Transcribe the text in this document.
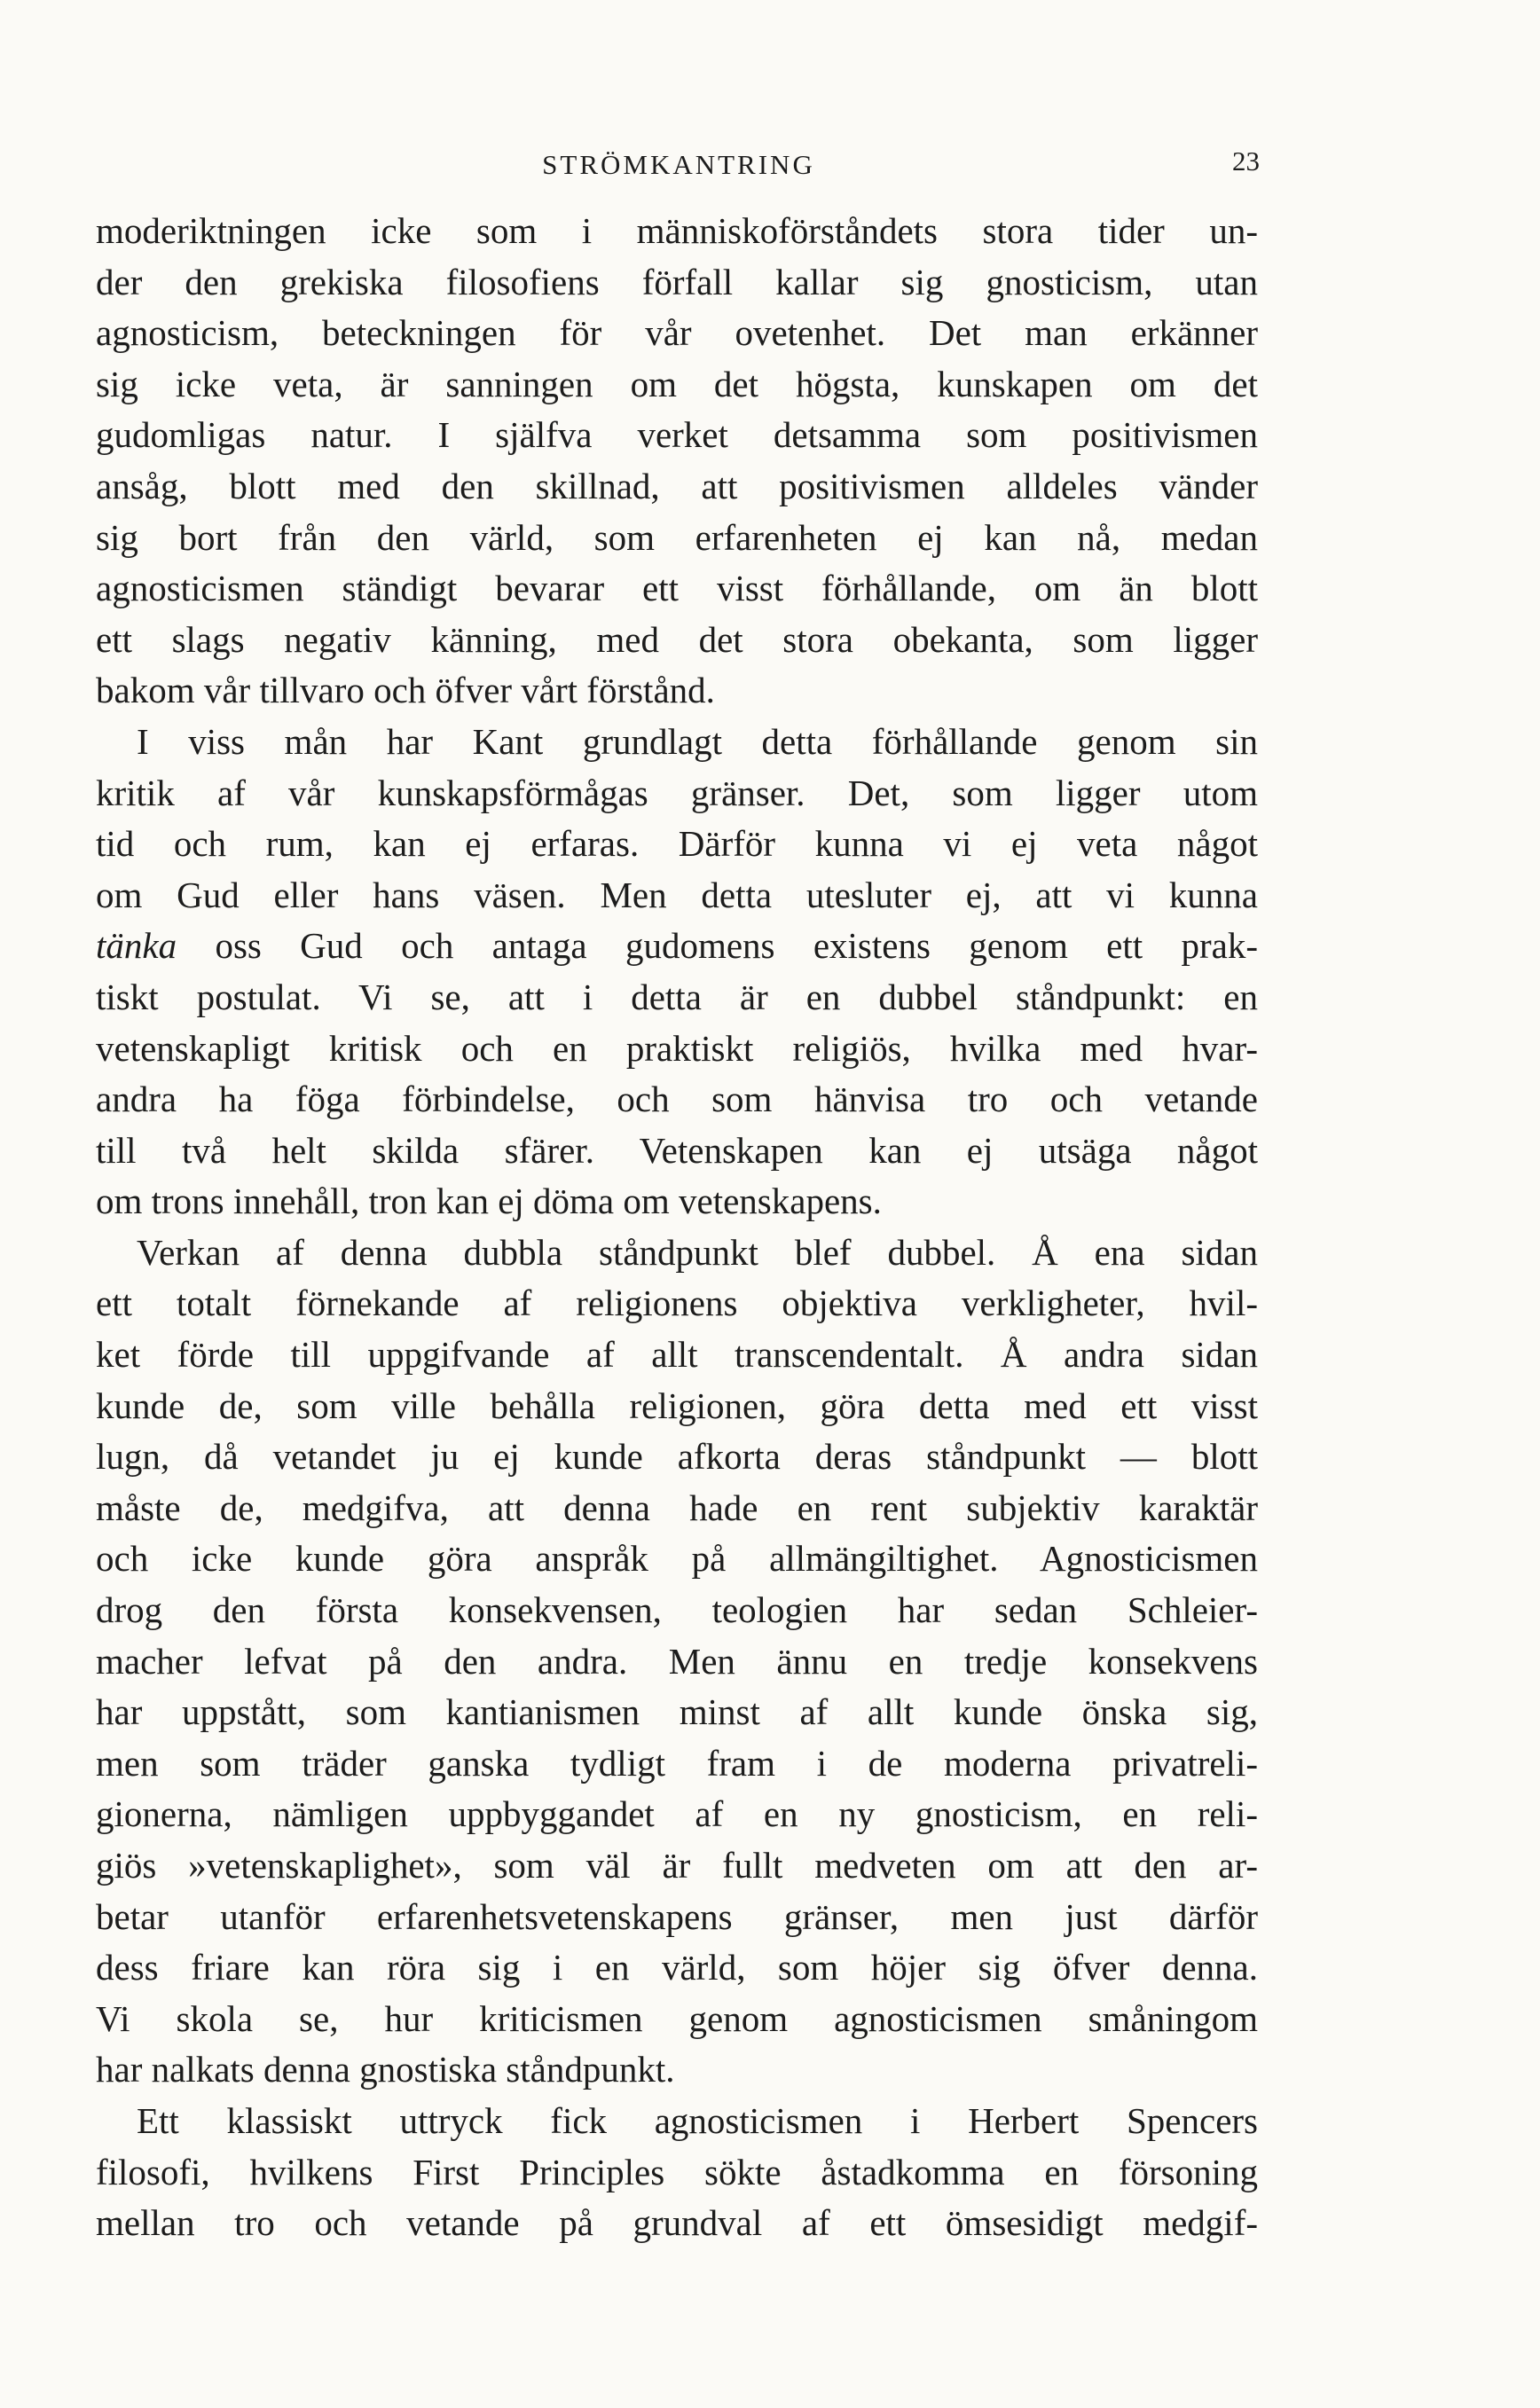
STRÖMKANTRING	23
moderiktningen icke som i människoförståndets stora tider un-
der den grekiska filosofiens förfall kallar sig gnosticism, utan
agnosticism, beteckningen för vår ovetenhet. Det man erkänner
sig icke veta, är sanningen om det högsta, kunskapen om det
gudomligas natur. I själfva verket detsamma som positivismen
ansåg, blott med den skillnad, att positivismen alldeles vänder
sig bort från den värld, som erfarenheten ej kan nå, medan
agnosticismen ständigt bevarar ett visst förhållande, om än blott
ett slags negativ känning, med det stora obekanta, som ligger
bakom vår tillvaro och öfver vårt förstånd.
I viss mån har Kant grundlagt detta förhållande genom sin
kritik af vår kunskapsförmågas gränser. Det, som ligger utom
tid och rum, kan ej erfaras. Därför kunna vi ej veta något
om Gud eller hans väsen. Men detta utesluter ej, att vi kunna
tänka oss Gud och antaga gudomens existens genom ett prak-
tiskt postulat. Vi se, att i detta är en dubbel ståndpunkt: en
vetenskapligt kritisk och en praktiskt religiös, hvilka med hvar-
andra ha föga förbindelse, och som hänvisa tro och vetande
till två helt skilda sfärer. Vetenskapen kan ej utsäga något
om trons innehåll, tron kan ej döma om vetenskapens.
Verkan af denna dubbla ståndpunkt blef dubbel. Å ena sidan
ett totalt förnekande af religionens objektiva verkligheter, hvil-
ket förde till uppgifvande af allt transcendentalt. Å andra sidan
kunde de, som ville behålla religionen, göra detta med ett visst
lugn, då vetandet ju ej kunde afkorta deras ståndpunkt — blott
måste de, medgifva, att denna hade en rent subjektiv karaktär
och icke kunde göra anspråk på allmängiltighet. Agnosticismen
drog den första konsekvensen, teologien har sedan Schleier-
macher lefvat på den andra. Men ännu en tredje konsekvens
har uppstått, som kantianismen minst af allt kunde önska sig,
men som träder ganska tydligt fram i de moderna privatreli-
gionerna, nämligen uppbyggandet af en ny gnosticism, en reli-
giös »vetenskaplighet», som väl är fullt medveten om att den ar-
betar utanför erfarenhetsvetenskapens gränser, men just därför
dess friare kan röra sig i en värld, som höjer sig öfver denna.
Vi skola se, hur kriticismen genom agnosticismen småningom
har nalkats denna gnostiska ståndpunkt.
Ett klassiskt uttryck fick agnosticismen i Herbert Spencers
filosofi, hvilkens First Principles sökte åstadkomma en försoning
mellan tro och vetande på grundval af ett ömsesidigt medgif-
